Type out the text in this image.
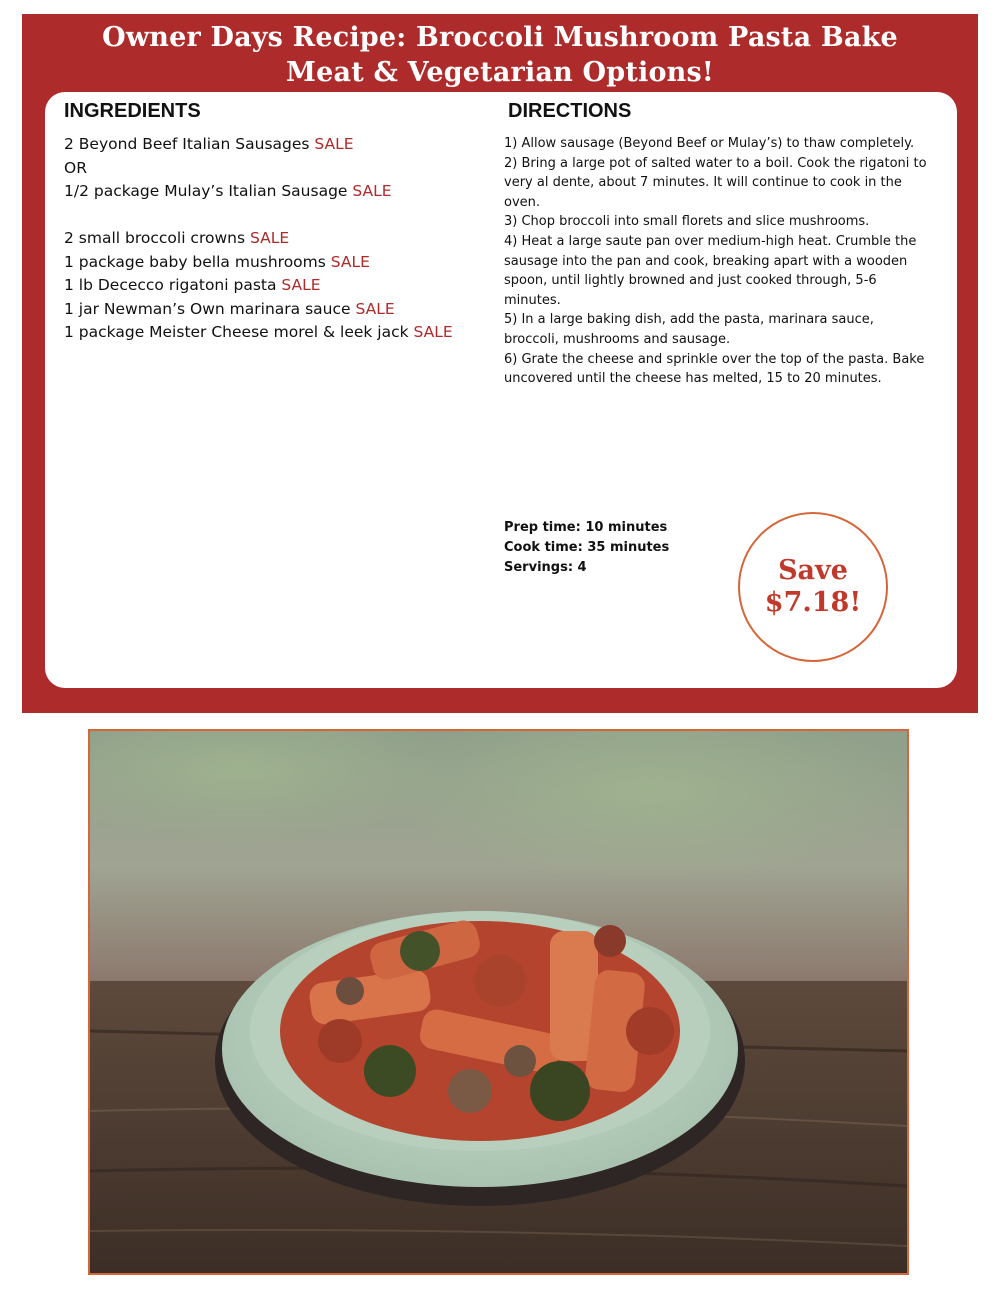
Owner Days Recipe: Broccoli Mushroom Pasta Bake
Meat & Vegetarian Options!
INGREDIENTS
2 Beyond Beef Italian Sausages SALE
OR
1/2 package Mulay’s Italian Sausage SALE
2 small broccoli crowns SALE
1 package baby bella mushrooms SALE
1 lb Dececco rigatoni pasta SALE
1 jar Newman’s Own marinara sauce SALE
1 package Meister Cheese morel & leek jack SALE
DIRECTIONS
1) Allow sausage (Beyond Beef or Mulay’s) to thaw completely.
2) Bring a large pot of salted water to a boil. Cook the rigatoni to
very al dente, about 7 minutes. It will continue to cook in the
oven.
3) Chop broccoli into small florets and slice mushrooms.
4) Heat a large saute pan over medium-high heat. Crumble the
sausage into the pan and cook, breaking apart with a wooden
spoon, until lightly browned and just cooked through, 5-6
minutes.
5) In a large baking dish, add the pasta, marinara sauce,
broccoli, mushrooms and sausage.
6) Grate the cheese and sprinkle over the top of the pasta. Bake
uncovered until the cheese has melted, 15 to 20 minutes.
Prep time: 10 minutes
Cook time: 35 minutes
Servings: 4	Save
$7.18!
